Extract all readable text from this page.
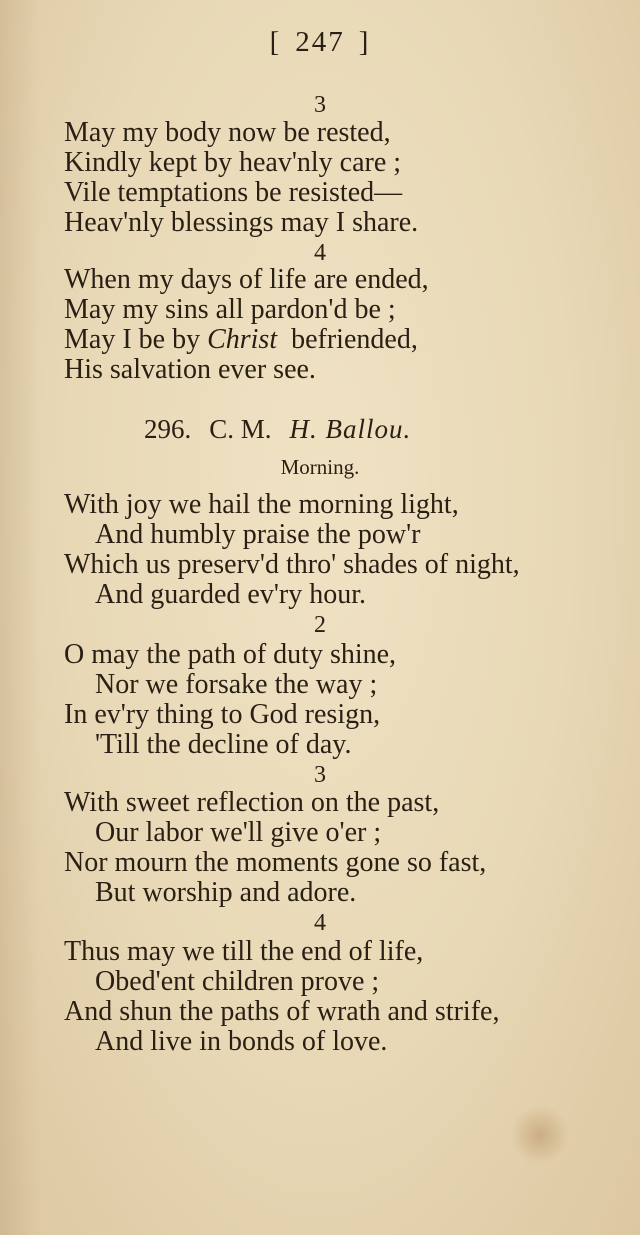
[ 247 ]
3
May my body now be rested,
Kindly kept by heav'nly care ;
Vile temptations be resisted—
Heav'nly blessings may I share.
4
When my days of life are ended,
May my sins all pardon'd be ;
May I be by Christ befriended,
His salvation ever see.
296. C. M. H. Ballou.
Morning.
With joy we hail the morning light,
And humbly praise the pow'r
Which us preserv'd thro' shades of night,
And guarded ev'ry hour.
2
O may the path of duty shine,
Nor we forsake the way ;
In ev'ry thing to God resign,
'Till the decline of day.
3
With sweet reflection on the past,
Our labor we'll give o'er ;
Nor mourn the moments gone so fast,
But worship and adore.
4
Thus may we till the end of life,
Obed'ent children prove ;
And shun the paths of wrath and strife,
And live in bonds of love.
